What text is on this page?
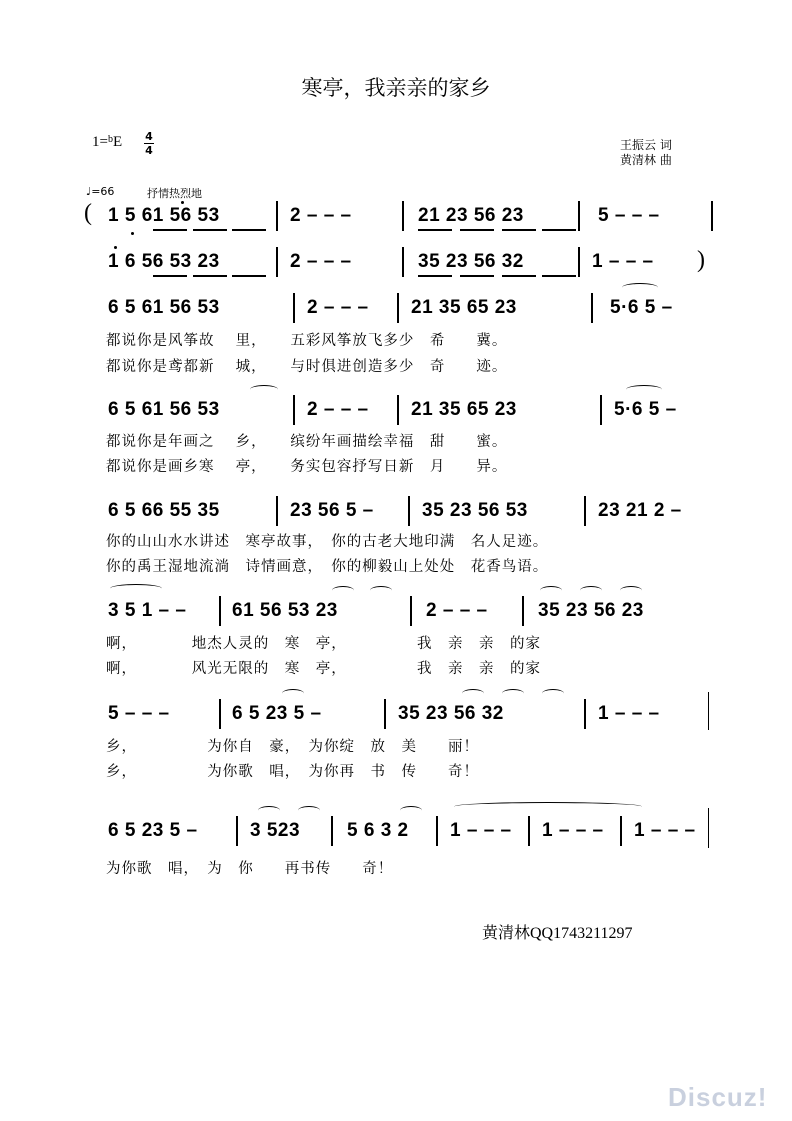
寒亭，我亲亲的家乡
1=$^b$E 4
4	王振云 词
黄清林 曲
♩=66	抒情热烈地
(
)
1 5 61 56 53	2 – – –	21 23 56 23	5 – – –
1 6 56 53 23	2 – – –	35 23 56 32	1 – – –
6 5 61 56 53	2 – – – 21 35 65 23	5·6 5 –
都说你是风筝故　 里，　　五彩风筝放飞多少　希　　冀。
都说你是鸢都新　 城，　　与时俱进创造多少　奇　　迹。
6 5 61 56 53	2 – – – 21 35 65 23	5·6 5 –
都说你是年画之　 乡，　　缤纷年画描绘幸福　甜　　蜜。
都说你是画乡寒　 亭，　　务实包容抒写日新　月　　异。
6 5 66 55 35	23 56 5 –	35 23 56 53	23 21 2 –
你的山山水水讲述　寒亭故事，　你的古老大地印满　名人足迹。
你的禹王湿地流淌　诗情画意，　你的柳毅山上处处　花香鸟语。
3 5 1 – – 61 56 53 23	2 – – –	35 23 56 23
啊，　　　　地杰人灵的　寒　亭，　　　　　我　亲　亲　的家
啊，　　　　风光无限的　寒　亭，　　　　　我　亲　亲　的家
5 – – –	6 5 23 5 –	35 23 56 32	1 – – –
乡，　　　　　为你自　豪，　为你绽　放　美　　丽！
乡，　　　　　为你歌　唱，　为你再　书　传　　奇！
6 5 23 5 –	3 523 5 6 3 2 1 – – – 1 – – – 1 – – –
为你歌　唱，　为　你　　再书传　　奇！
黄清林QQ1743211297
Discuz!
